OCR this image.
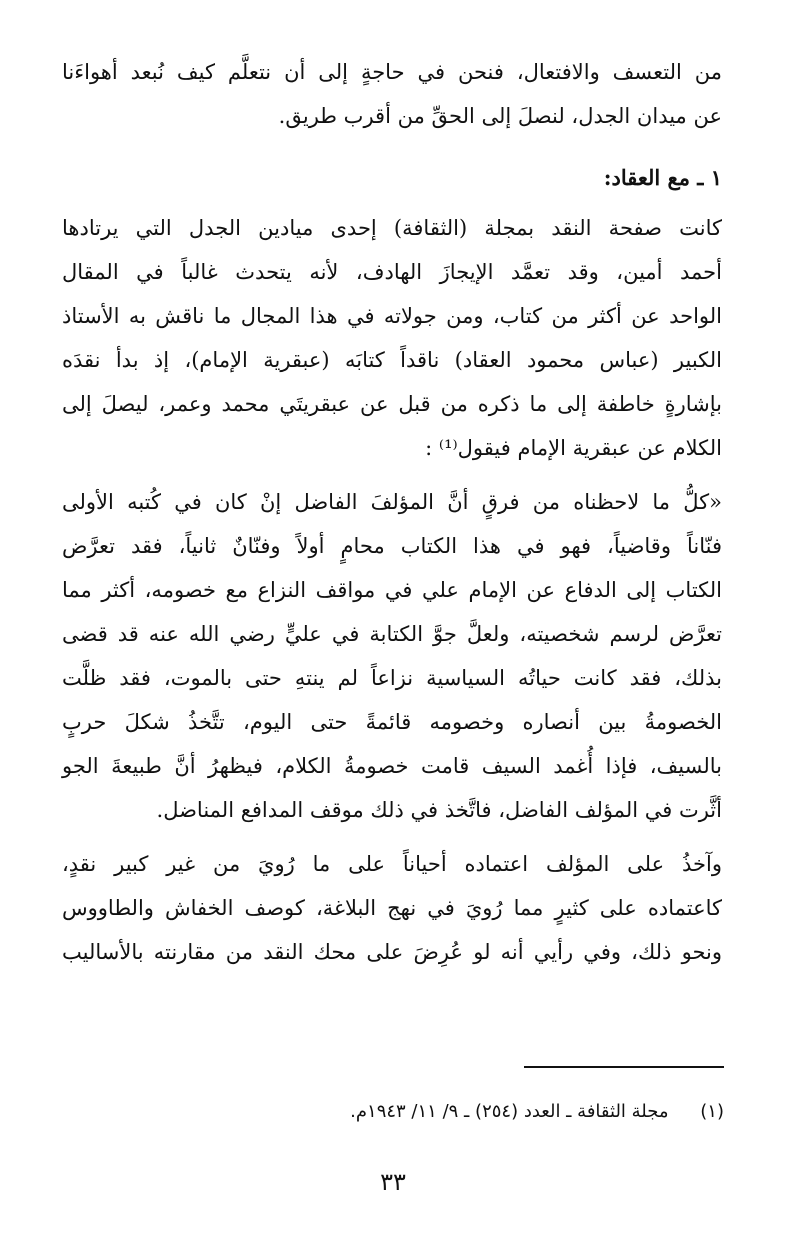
من التعسف والافتعال، فنحن في حاجةٍ إلى أن نتعلَّم كيف نُبعد أهواءَنا
عن ميدان الجدل، لنصلَ إلى الحقِّ من أقرب طريق.
١ ـ مع العقاد:
كانت صفحة النقد بمجلة (الثقافة) إحدى ميادين الجدل التي يرتادها
أحمد أمين، وقد تعمَّد الإيجازَ الهادف، لأنه يتحدث غالباً في المقال
الواحد عن أكثر من كتاب، ومن جولاته في هذا المجال ما ناقش به الأستاذ
الكبير (عباس محمود العقاد) ناقداً كتابَه (عبقرية الإمام)، إذ بدأ نقدَه
بإشارةٍ خاطفة إلى ما ذكره من قبل عن عبقريتَي محمد وعمر، ليصلَ إلى
الكلام عن عبقرية الإمام فيقول⁽¹⁾ :
«كلُّ ما لاحظناه من فرقٍ أنَّ المؤلفَ الفاضل إنْ كان في كُتبه الأولى
فنّاناً وقاضياً، فهو في هذا الكتاب محامٍ أولاً وفنّانٌ ثانياً، فقد تعرَّض
الكتاب إلى الدفاع عن الإمام علي في مواقف النزاع مع خصومه، أكثر مما
تعرَّض لرسم شخصيته، ولعلَّ جوَّ الكتابة في عليٍّ رضي الله عنه قد قضى
بذلك، فقد كانت حياتُه السياسية نزاعاً لم ينتهِ حتى بالموت، فقد ظلَّت
الخصومةُ بين أنصاره وخصومه قائمةً حتى اليوم، تتَّخذُ شكلَ حربٍ
بالسيف، فإذا أُغمد السيف قامت خصومةُ الكلام، فيظهرُ أنَّ طبيعةَ الجو
أثَّرت في المؤلف الفاضل، فاتَّخذ في ذلك موقف المدافع المناضل.
وآخذُ على المؤلف اعتماده أحياناً على ما رُويَ من غير كبير نقدٍ،
كاعتماده على كثيرٍ مما رُويَ في نهج البلاغة، كوصف الخفاش والطاووس
ونحو ذلك، وفي رأيي أنه لو عُرِضَ على محك النقد من مقارنته بالأساليب
(١) مجلة الثقافة ـ العدد (٢٥٤) ـ ٩/ ١١/ ١٩٤٣م.
٣٣
